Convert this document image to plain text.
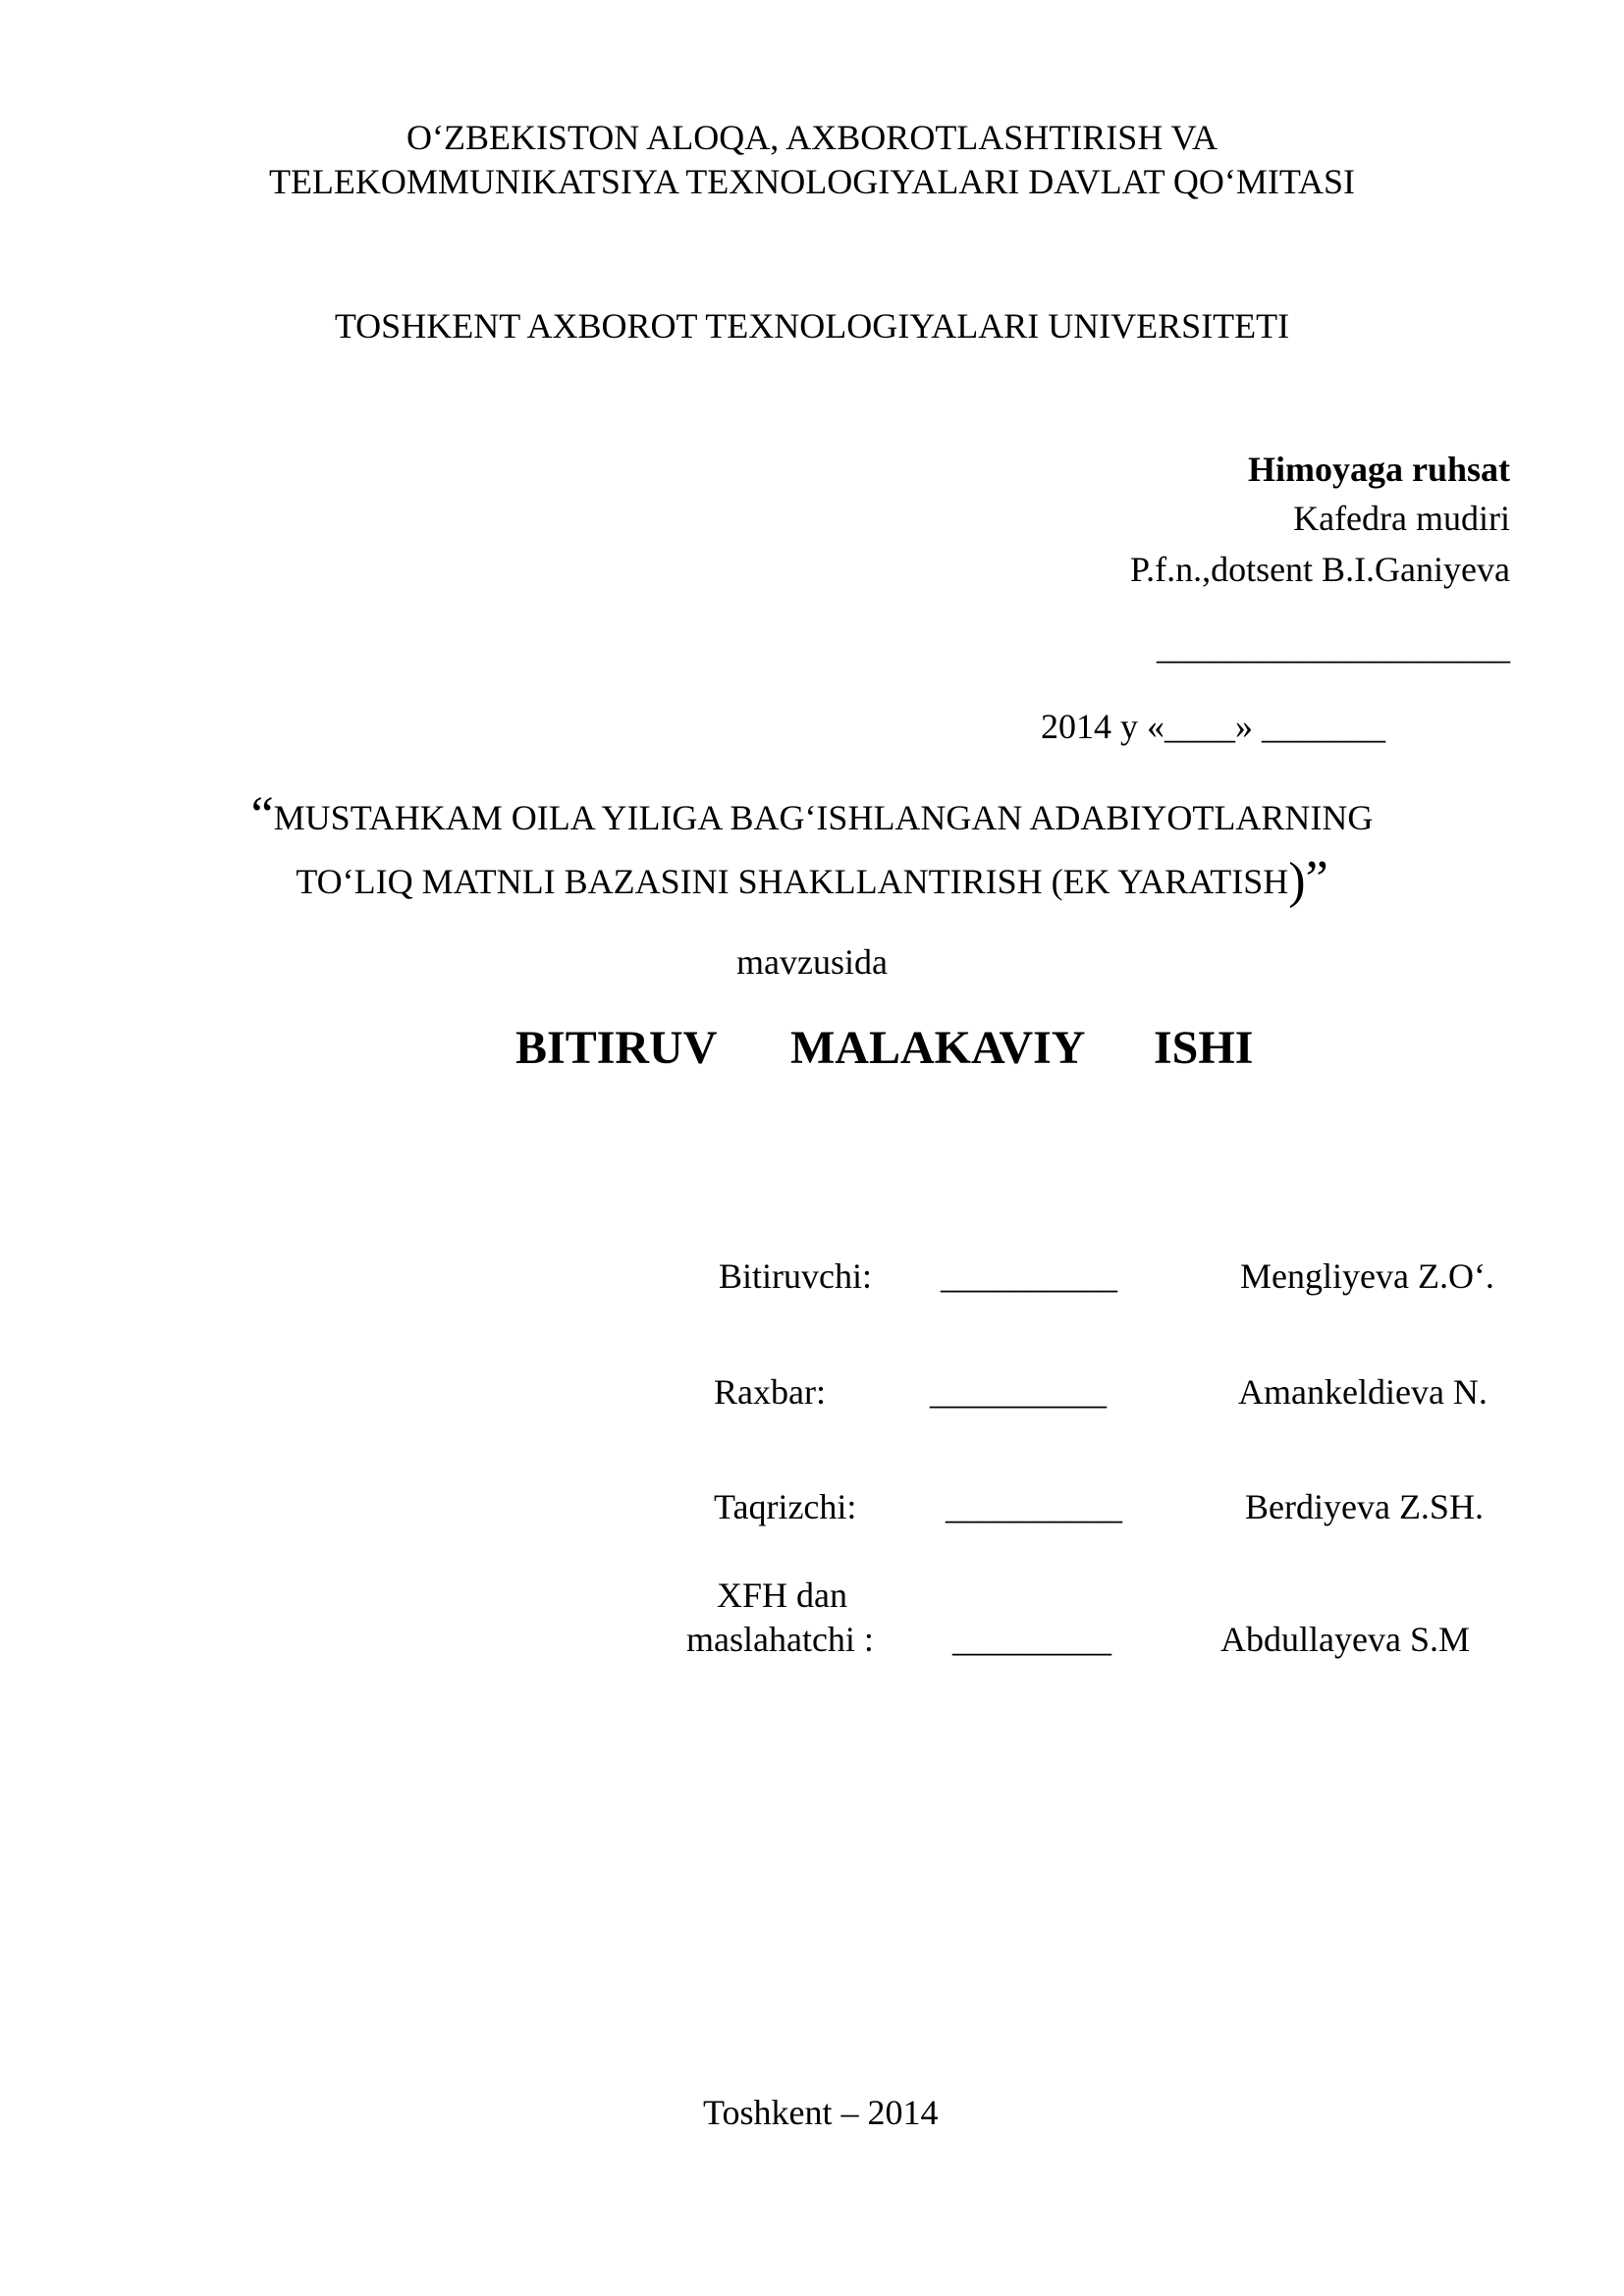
O‘ZBEKISTON ALOQA, AXBOROTLASHTIRISH VA
TELEKOMMUNIKATSIYA TEXNOLOGIYALARI DAVLAT QO‘MITASI
TOSHKENT AXBOROT TEXNOLOGIYALARI UNIVERSITETI
Himoyaga ruhsat
Kafedra mudiri
P.f.n.,dotsent B.I.Ganiyeva
____________________
2014 y «____» _______
“MUSTAHKAM OILA YILIGA BAG‘ISHLANGAN ADABIYOTLARNING
TO‘LIQ MATNLI BAZASINI SHAKLLANTIRISH (EK YARATISH)”
mavzusida
BITIRUV MALAKAVIY ISHI
Bitiruvchi: __________	Mengliyeva Z.O‘.
Raxbar:	__________	Amankeldieva N.
Taqrizchi:	__________	Berdiyeva Z.SH.
XFH dan
maslahatchi : _________	Abdullayeva S.M
Toshkent – 2014
